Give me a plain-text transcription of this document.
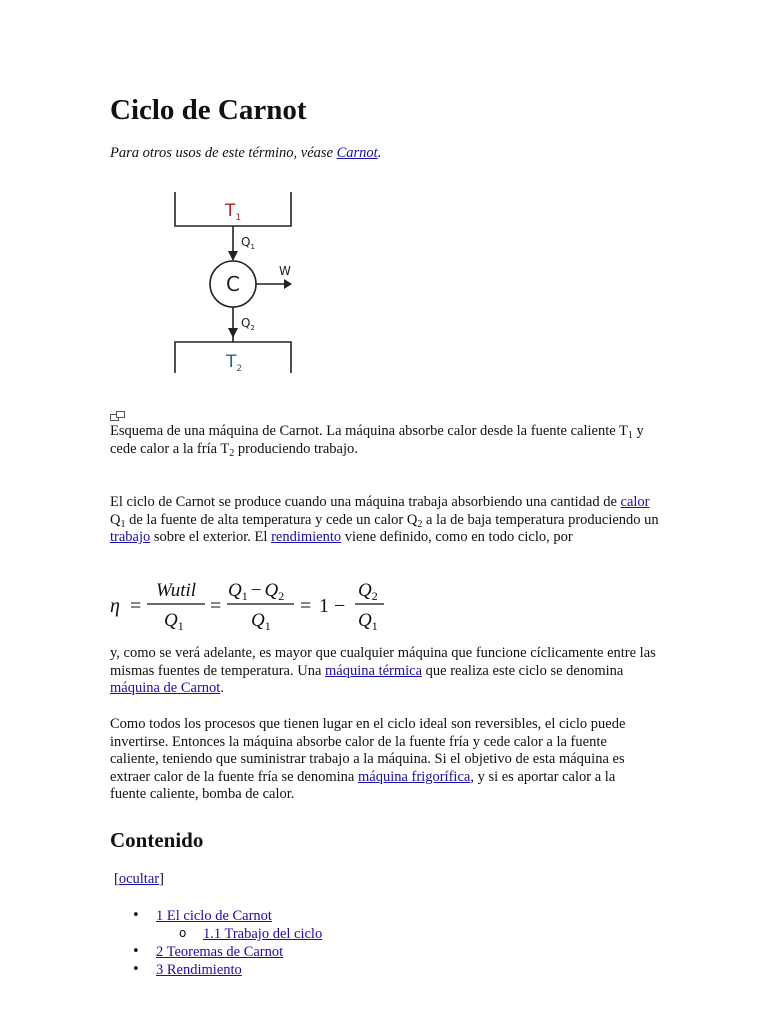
Ciclo de Carnot

Para otros usos de este término, véase Carnot.

$T_1$
$Q_1$
C
W
$Q_2$
$T_2$

Esquema de una máquina de Carnot. La máquina absorbe calor desde la fuente caliente $T_1$ y cede calor a la fría $T_2$ produciendo trabajo.

El ciclo de Carnot se produce cuando una máquina trabaja absorbiendo una cantidad de calor $Q_1$ de la fuente de alta temperatura y cede un calor $Q_2$ a la de baja temperatura produciendo un trabajo sobre el exterior. El rendimiento viene definido, como en todo ciclo, por

η =
Wutil
$Q_1$
=
$Q_1 - Q_2$
$Q_1$
= 1 −
$Q_2$
$Q_1$

y, como se verá adelante, es mayor que cualquier máquina que funcione cíclicamente entre las mismas fuentes de temperatura. Una máquina térmica que realiza este ciclo se denomina máquina de Carnot.

Como todos los procesos que tienen lugar en el ciclo ideal son reversibles, el ciclo puede invertirse. Entonces la máquina absorbe calor de la fuente fría y cede calor a la fuente caliente, teniendo que suministrar trabajo a la máquina. Si el objetivo de esta máquina es extraer calor de la fuente fría se denomina máquina frigorífica, y si es aportar calor a la fuente caliente, bomba de calor.

Contenido

[ocultar]

• 1 El ciclo de Carnot
o 1.1 Trabajo del ciclo
• 2 Teoremas de Carnot
• 3 Rendimiento
